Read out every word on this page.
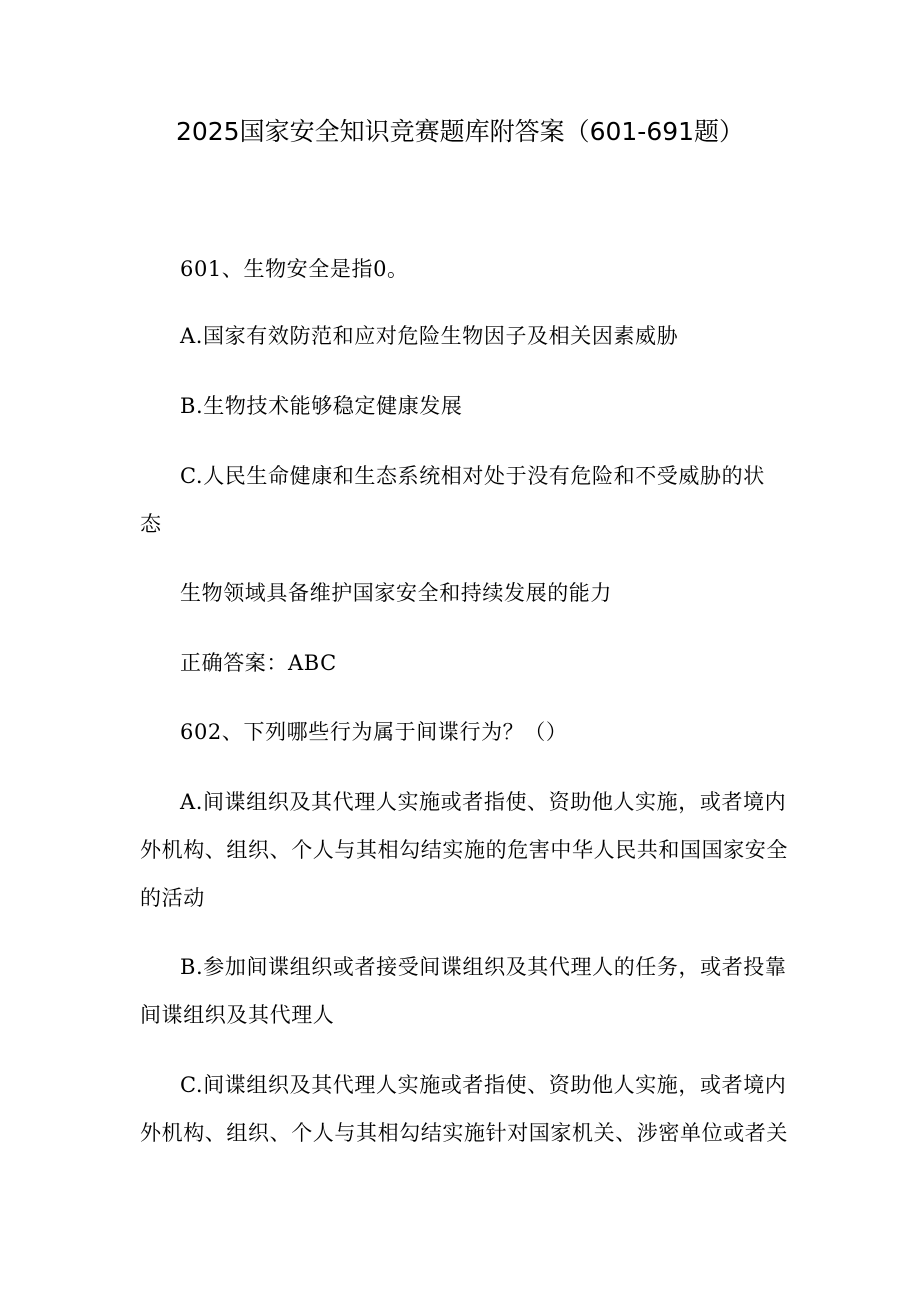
2025国家安全知识竞赛题库附答案（601-691题）
601、生物安全是指0。
A.国家有效防范和应对危险生物因子及相关因素威胁
B.生物技术能够稳定健康发展
C.人民生命健康和生态系统相对处于没有危险和不受威胁的状
态
生物领域具备维护国家安全和持续发展的能力
正确答案：ABC
602、下列哪些行为属于间谍行为？（）
A.间谍组织及其代理人实施或者指使、资助他人实施，或者境内
外机构、组织、个人与其相勾结实施的危害中华人民共和国国家安全
的活动
B.参加间谍组织或者接受间谍组织及其代理人的任务，或者投靠
间谍组织及其代理人
C.间谍组织及其代理人实施或者指使、资助他人实施，或者境内
外机构、组织、个人与其相勾结实施针对国家机关、涉密单位或者关
